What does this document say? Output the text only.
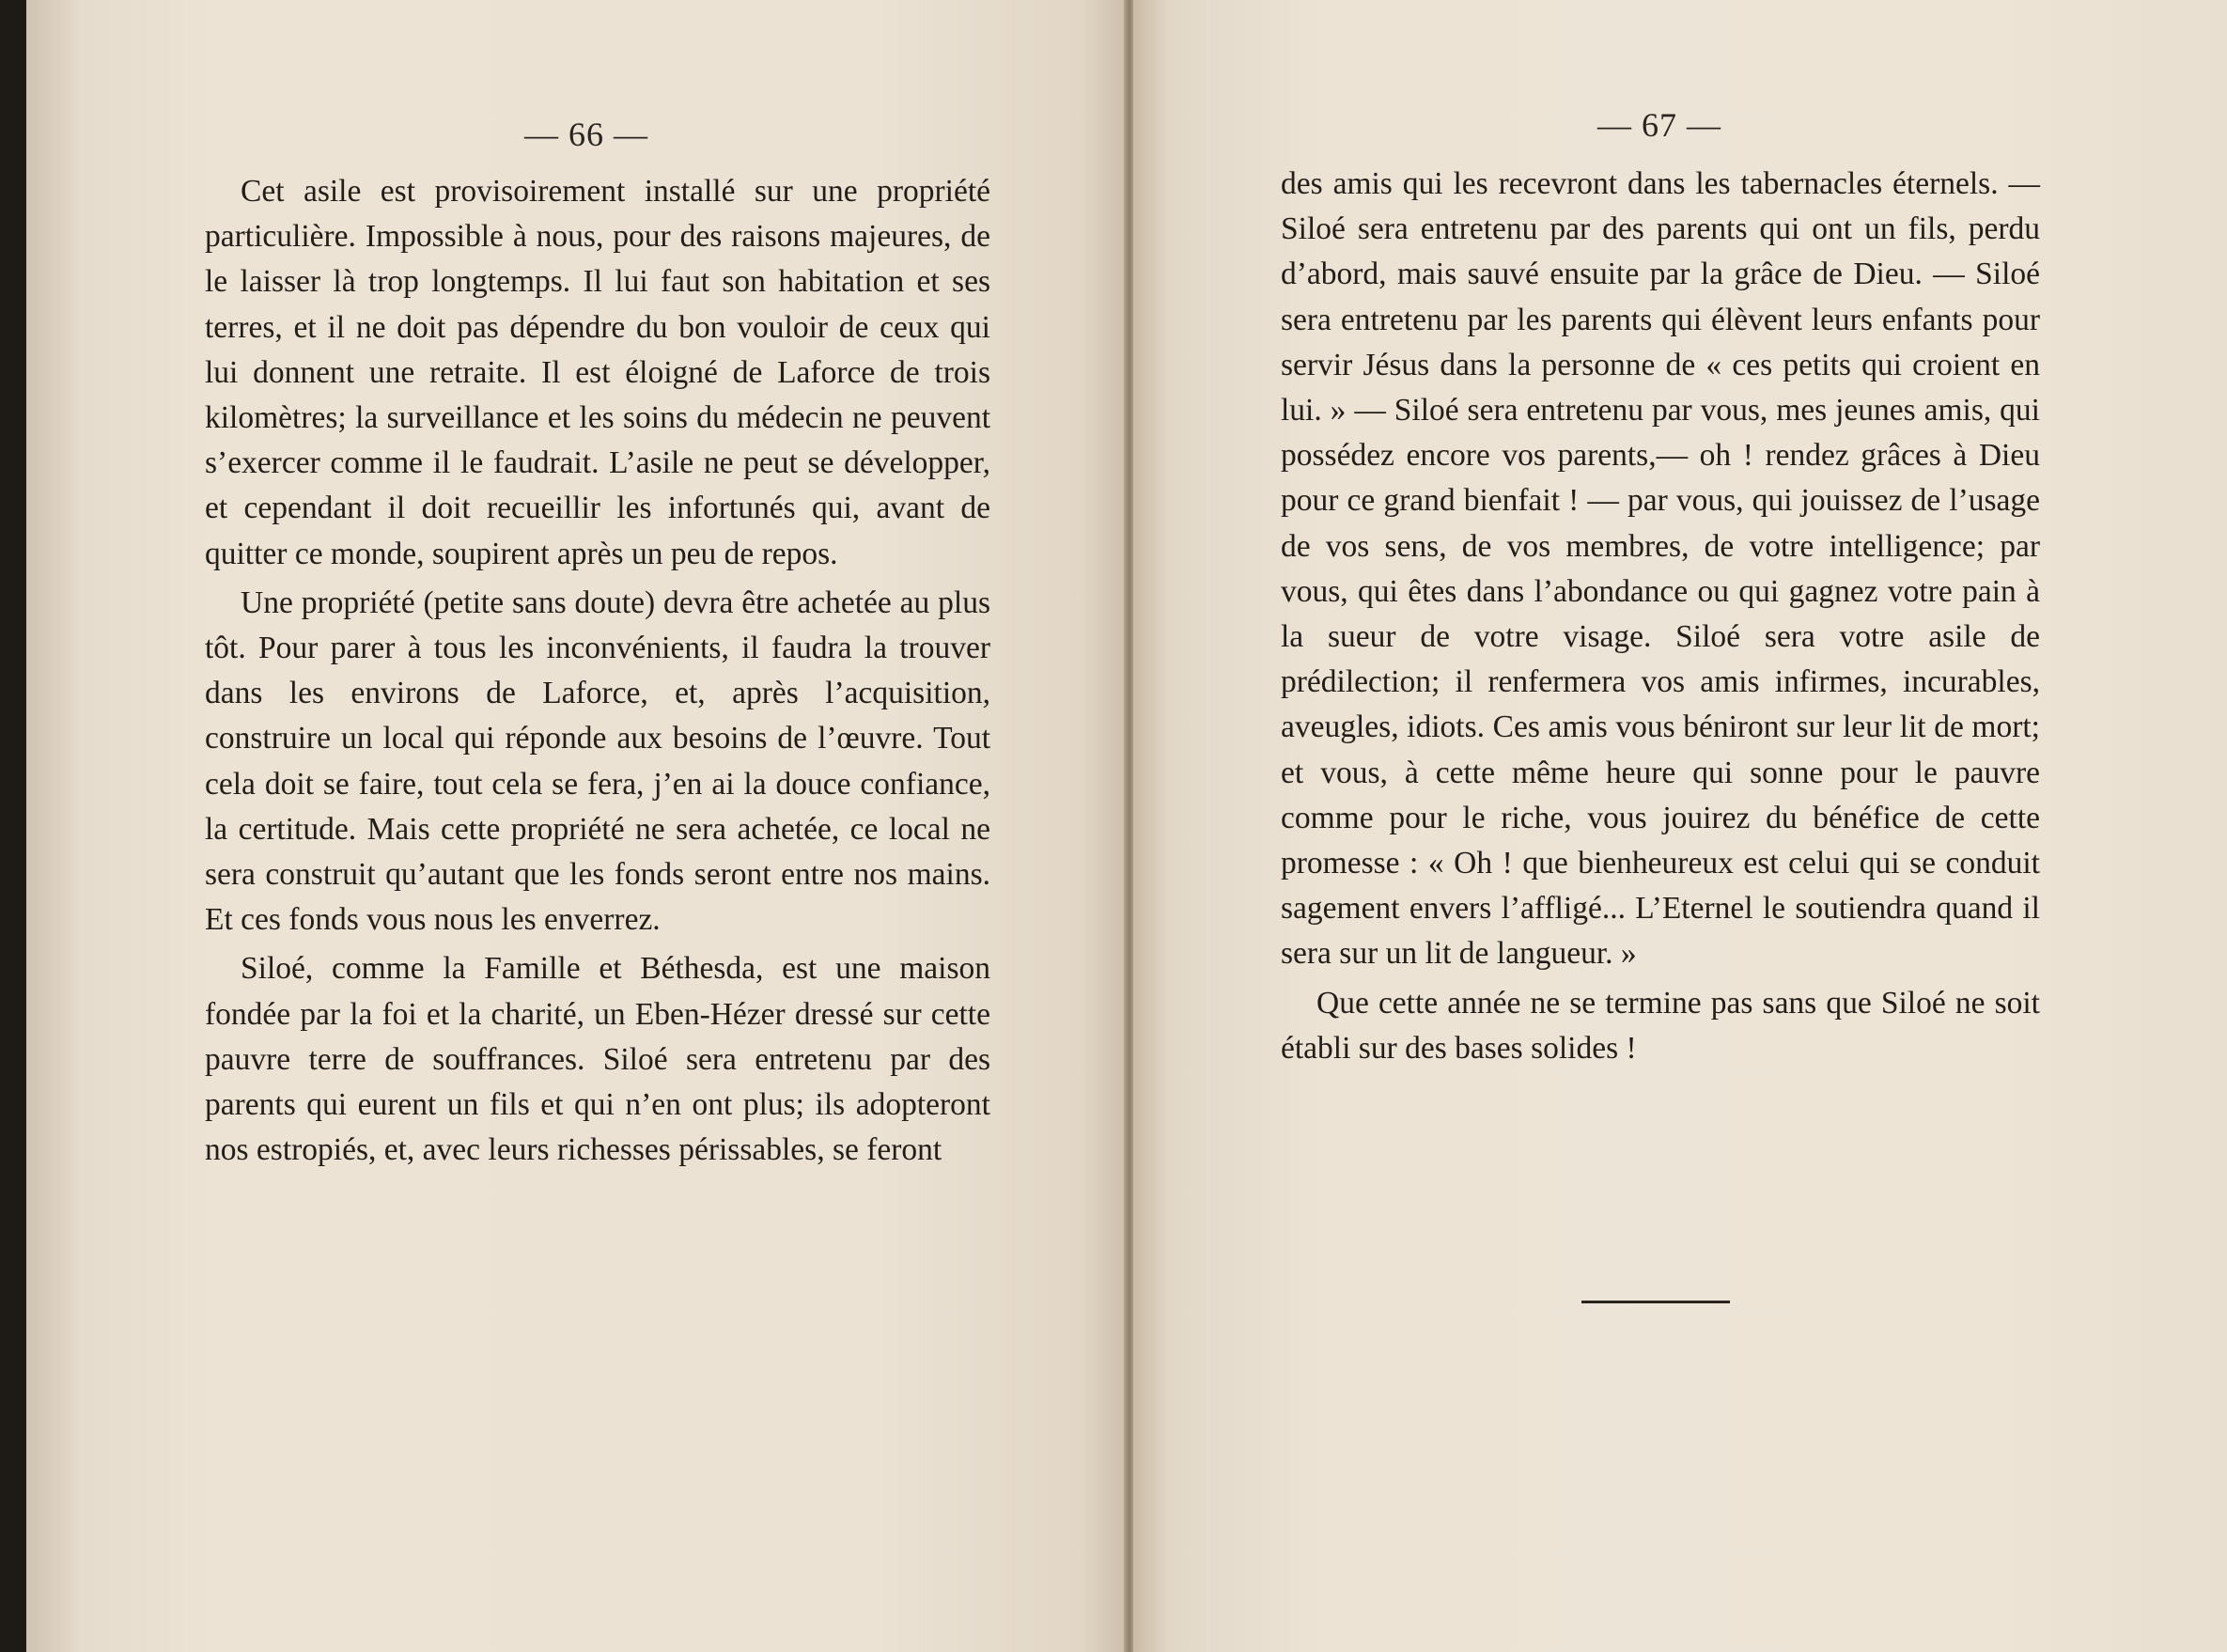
— 66 —

Cet asile est provisoirement installé sur une propriété particulière. Impossible à nous, pour des raisons majeures, de le laisser là trop longtemps. Il lui faut son habitation et ses terres, et il ne doit pas dépendre du bon vouloir de ceux qui lui donnent une retraite. Il est éloigné de Laforce de trois kilomètres; la surveillance et les soins du médecin ne peuvent s’exercer comme il le faudrait. L’asile ne peut se développer, et cependant il doit recueillir les infortunés qui, avant de quitter ce monde, soupirent après un peu de repos.

Une propriété (petite sans doute) devra être achetée au plus tôt. Pour parer à tous les inconvénients, il faudra la trouver dans les environs de Laforce, et, après l’acquisition, construire un local qui réponde aux besoins de l’œuvre. Tout cela doit se faire, tout cela se fera, j’en ai la douce confiance, la certitude. Mais cette propriété ne sera achetée, ce local ne sera construit qu’autant que les fonds seront entre nos mains. Et ces fonds vous nous les enverrez.

Siloé, comme la Famille et Béthesda, est une maison fondée par la foi et la charité, un Eben-Hézer dressé sur cette pauvre terre de souffrances. Siloé sera entretenu par des parents qui eurent un fils et qui n’en ont plus; ils adopteront nos estropiés, et, avec leurs richesses périssables, se feront

— 67 —

des amis qui les recevront dans les tabernacles éternels. — Siloé sera entretenu par des parents qui ont un fils, perdu d’abord, mais sauvé ensuite par la grâce de Dieu. — Siloé sera entretenu par les parents qui élèvent leurs enfants pour servir Jésus dans la personne de « ces petits qui croient en lui. » — Siloé sera entretenu par vous, mes jeunes amis, qui possédez encore vos parents,— oh ! rendez grâces à Dieu pour ce grand bienfait ! — par vous, qui jouissez de l’usage de vos sens, de vos membres, de votre intelligence; par vous, qui êtes dans l’abondance ou qui gagnez votre pain à la sueur de votre visage. Siloé sera votre asile de prédilection; il renfermera vos amis infirmes, incurables, aveugles, idiots. Ces amis vous béniront sur leur lit de mort; et vous, à cette même heure qui sonne pour le pauvre comme pour le riche, vous jouirez du bénéfice de cette promesse : « Oh ! que bienheureux est celui qui se conduit sagement envers l’affligé... L’Eternel le soutiendra quand il sera sur un lit de langueur. »

Que cette année ne se termine pas sans que Siloé ne soit établi sur des bases solides !
